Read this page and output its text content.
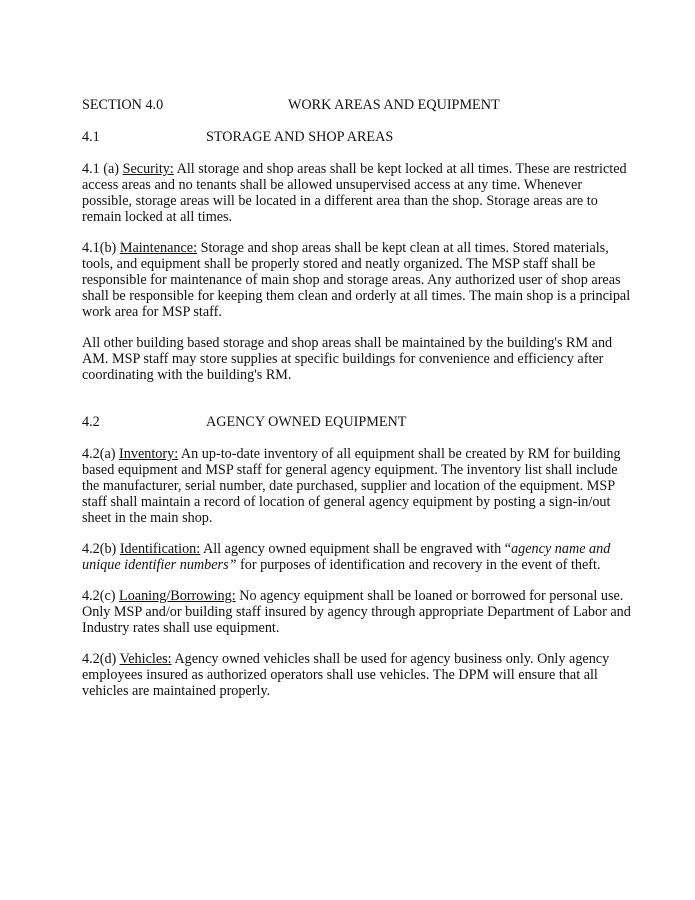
SECTION 4.0	WORK AREAS AND EQUIPMENT
4.1	STORAGE AND SHOP AREAS
4.1 (a) Security: All storage and shop areas shall be kept locked at all times. These are restricted
access areas and no tenants shall be allowed unsupervised access at any time. Whenever
possible, storage areas will be located in a different area than the shop. Storage areas are to
remain locked at all times.
4.1(b) Maintenance: Storage and shop areas shall be kept clean at all times. Stored materials,
tools, and equipment shall be properly stored and neatly organized. The MSP staff shall be
responsible for maintenance of main shop and storage areas. Any authorized user of shop areas
shall be responsible for keeping them clean and orderly at all times. The main shop is a principal
work area for MSP staff.
All other building based storage and shop areas shall be maintained by the building's RM and
AM. MSP staff may store supplies at specific buildings for convenience and efficiency after
coordinating with the building's RM.
4.2	AGENCY OWNED EQUIPMENT
4.2(a) Inventory: An up-to-date inventory of all equipment shall be created by RM for building
based equipment and MSP staff for general agency equipment. The inventory list shall include
the manufacturer, serial number, date purchased, supplier and location of the equipment. MSP
staff shall maintain a record of location of general agency equipment by posting a sign-in/out
sheet in the main shop.
4.2(b) Identification: All agency owned equipment shall be engraved with “agency name and
unique identifier numbers” for purposes of identification and recovery in the event of theft.
4.2(c) Loaning/Borrowing: No agency equipment shall be loaned or borrowed for personal use.
Only MSP and/or building staff insured by agency through appropriate Department of Labor and
Industry rates shall use equipment.
4.2(d) Vehicles: Agency owned vehicles shall be used for agency business only. Only agency
employees insured as authorized operators shall use vehicles. The DPM will ensure that all
vehicles are maintained properly.
